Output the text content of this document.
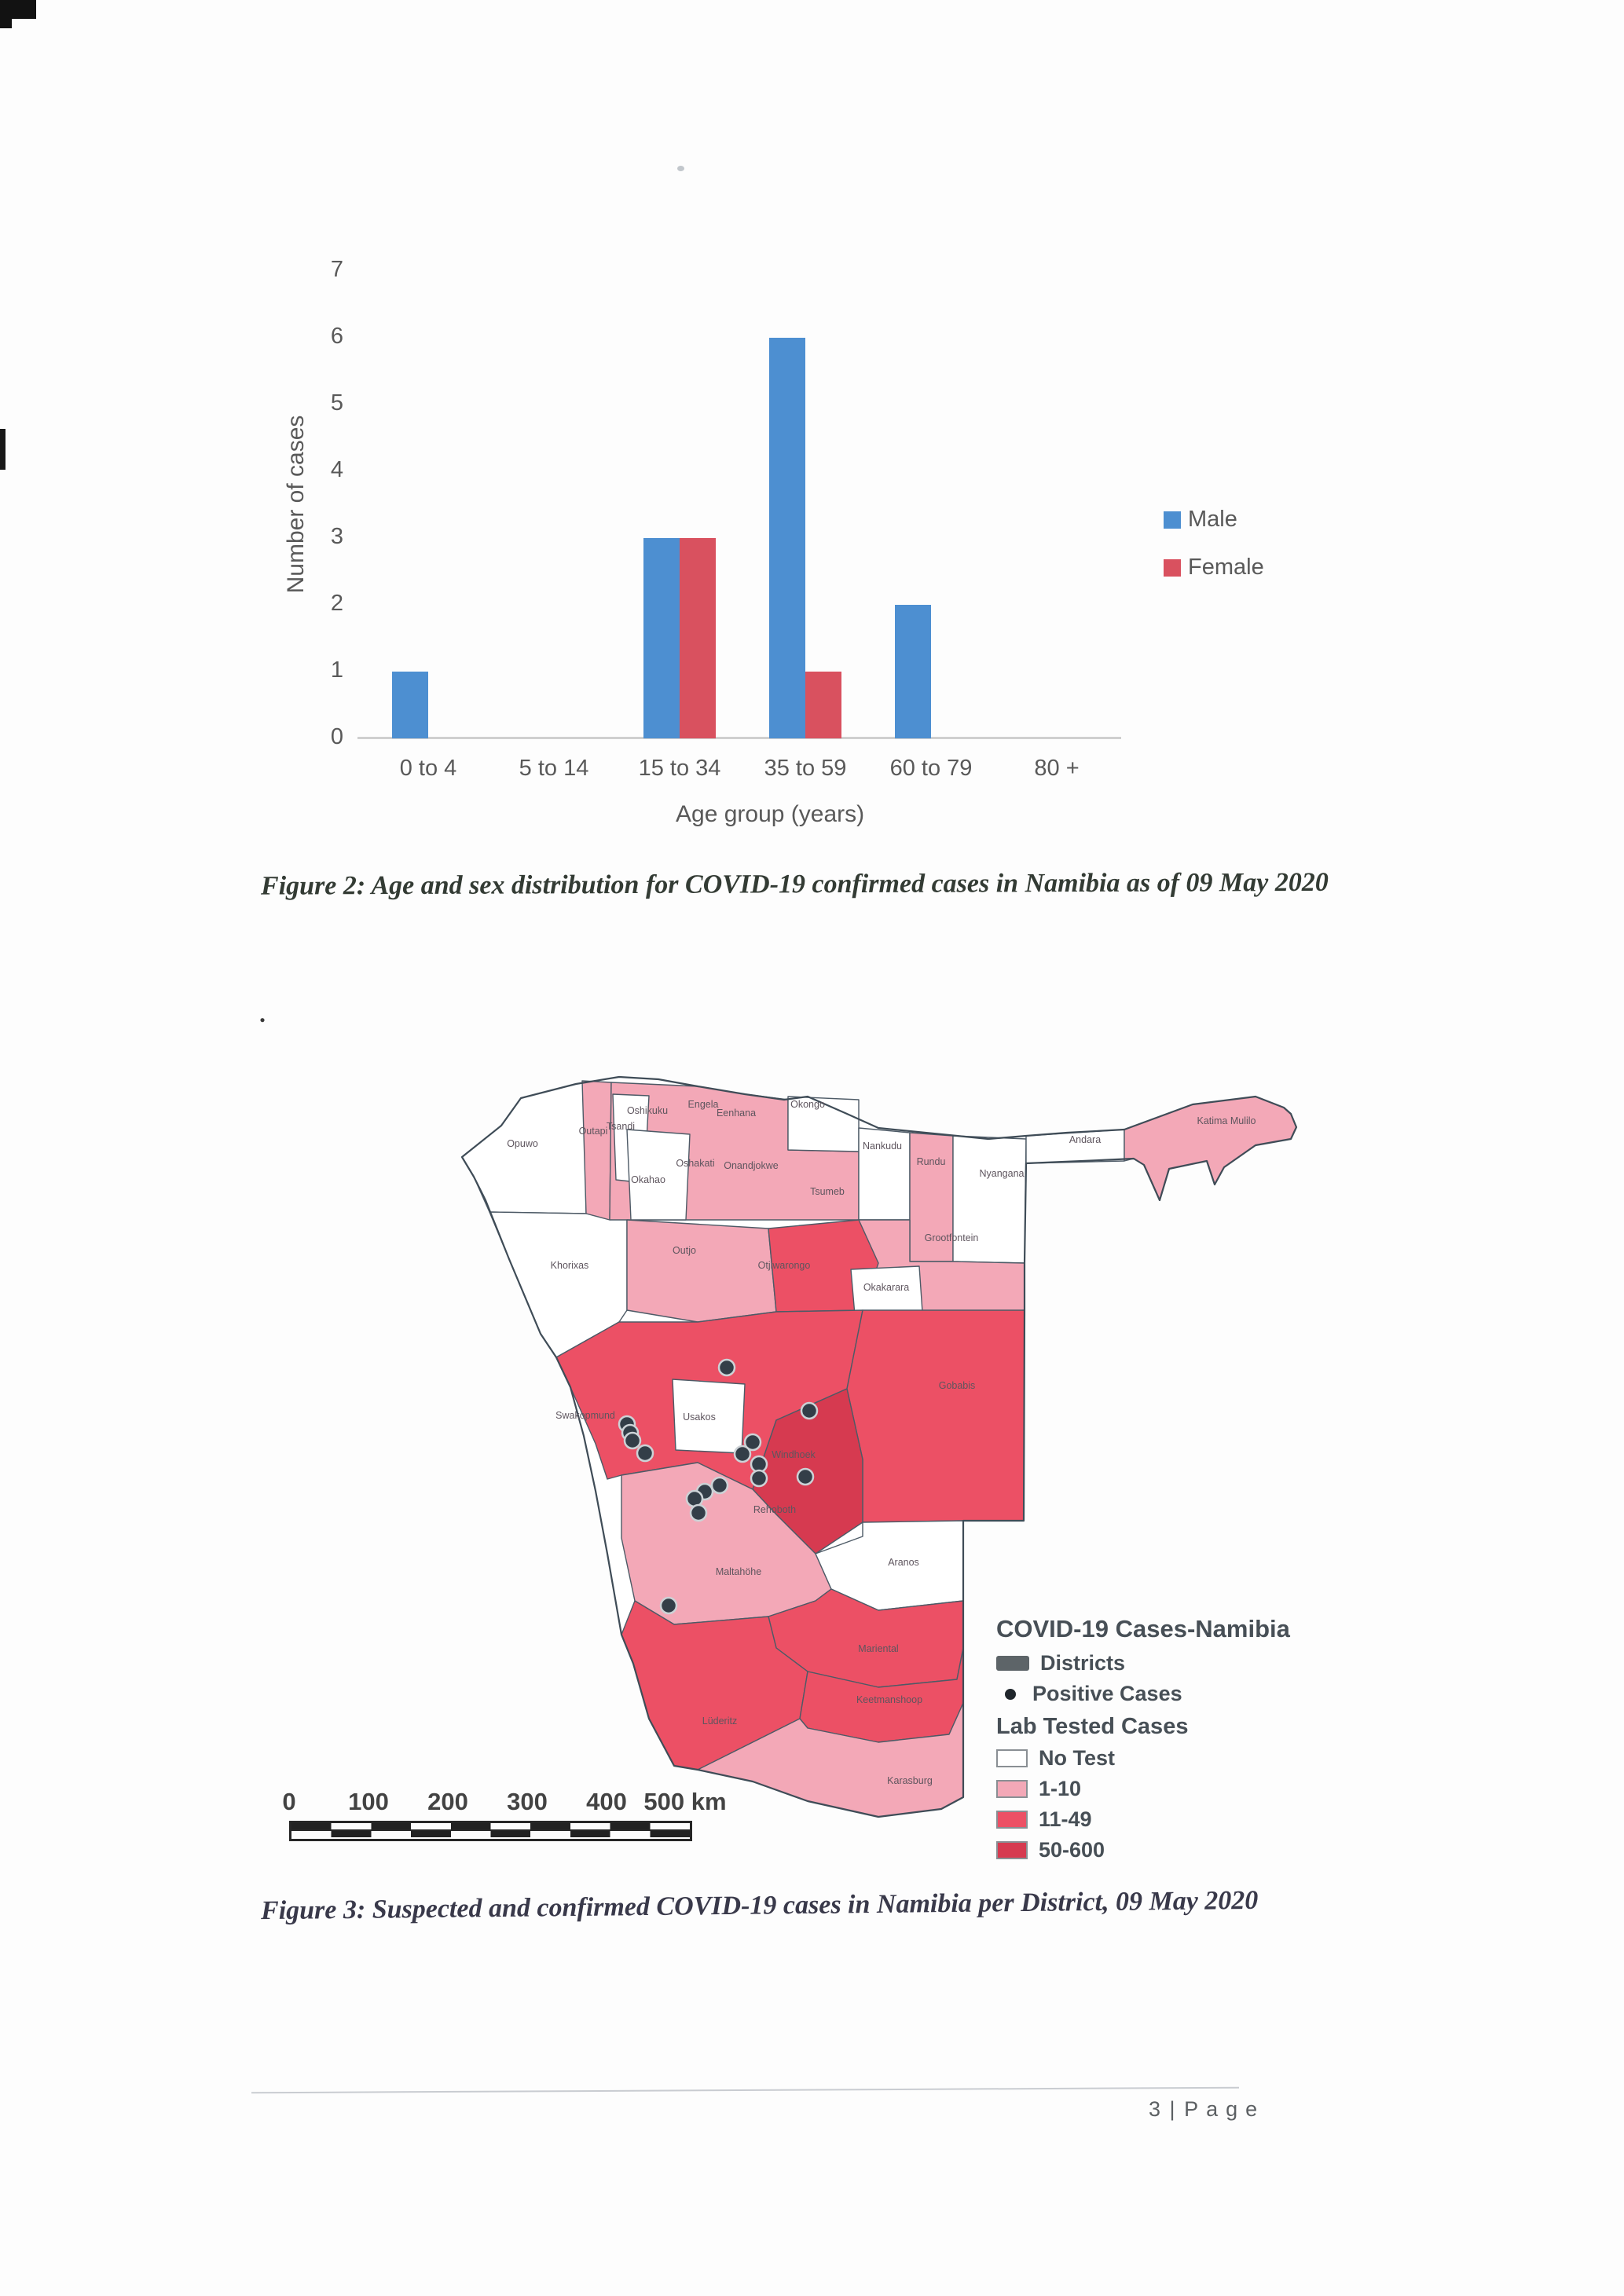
.
Number of cases
Age group (years)
7
6
5
4
3
2
1
0
0 to 4	5 to 14	15 to 34	35 to 59	60 to 79	80 +
Male
Female
Figure 2: Age and sex distribution for COVID-19 confirmed cases in Namibia as of 09 May 2020
Opuwo
Outapi
Tsandi
Oshikuku
Engela
Eenhana
Okongo
Okahao
Oshakati Onandjokwe
Nankudu
Rundu
Nyangana
Andara
Katima Mulilo
Tsumeb
Grootfontein
Khorixas
Outjo
Otjiwarongo
Okakarara
Swakopmund	Usakos
Windhoek
Gobabis
Rehoboth
Maltahöhe
Aranos
Mariental
Lüderitz
Keetmanshoop
Karasburg
COVID-19 Cases-Namibia
Districts
Positive Cases
Lab Tested Cases
No Test
1-10
11-49
50-600
0	100	200	300	400 500 km
Figure 3: Suspected and confirmed COVID-19 cases in Namibia per District, 09 May 2020
3 | Page
